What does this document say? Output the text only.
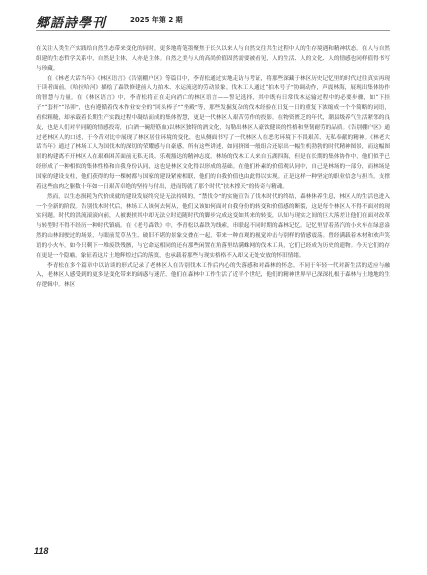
郷語詩學刊	2025 年第 2 期

在关注人类生产实践给自然生态带来变化的同时，更多地将笔墨聚焦于长久以来人与自然交往共生过程中人的生存境遇和精神状态。在人与自然组建的生态哲学关系中，自然是主体，人亦是主体。自然之美与人的高尚价值固然需要被看见，人的生活、人的文化、人的情感也同样值得书写与珍藏。

在《林老大话当年》《林区语言》《告别棚户区》等篇目中，李青松通过实地走访与考证，将那些深藏于林区历史记忆里的时代过往真实再现于读者面前。《哈拉哈河》描绘了森铁修建前人力拍木、水运流送的劳动景象。伐木工人通过“拍木号子”协调动作，声震林海，展现出集体协作的智慧与力量。在《林区语言》中，李青松将正在走向消亡的林区语言——誓记选择，其中既有日常伐木运输过程中的必要步骤，如“下挂子”“套杆”“吊卯”，也有遵循着伐木作业安全的“回头棒子”“坐殿”等，那些发掘复杂的伐木经验在日复一日的重复下浓缩成一个个简略的词语，看似粗糙，却承载着长期生产实践过程中凝结而成的集体智慧，更是一代林区人艰苦劳作的投影。在物资匮乏的年代，潮县级养气生活紧邻的良友，也是人们对平同随的情感投寄，(白酒一碗舒筋血)以林区独特的酒文化，勾勒出林区人豪饮健谈的性格和坚韧耐劳的品质。《告别棚户区》通过老林区人的口述，于今昔对比中展现了林区居住环境的变化，也从侧面书写了一代林区人在恶劣环境下不畏艰苦、无私奉献的精神。《林老大话当年》通过了林场工人为国伐木的深切的荣耀感与自豪感。所有这些讲述，如同挤图一般组合还原出一幅生机勃勃的时代精神图景，而这幅图景的构建离不开林区人在艰难困苦面前无私无畏、乐观豁达的精神志度。林场的伐木工人来自五湖四海，但是在长期的集体协作中，他们似乎已经形成了一种相似的集体性格和自我身份认同，这也是林区文化得以形成的基础。在他们朴素的价值观认同中，自己是林场的一部分，而林场是国家的建设支柱，他们获得的每一棵树都与国家的建设紧密相联，他们的自我价值也由此得以实现。正是这样一种坚定的职业信念与担当，支撑着这些血肉之躯数十年如一日艰苦卓绝的坚持与付出，进而铸就了那个时代“扶木撑天”的传奇与精魂。

然而，以生态损耗为代价成就的建设发展终究是无法持续的，“禁伐令”的实施宣告了伐木时代的终结，森林休养生息，林区人的生活也进入一个全新的阶段。告别伐木时代后，林场工人该何去何从，他们又该如何面对自我身份的转变和价值感的断裂，这是每个林区人不得不面对的现实问题。时代的洪流滚滚向前，人被裹挟其中却无法立时追随时代的脚步完成这变如其来的转变，认知与现实之间的巨大落差让他们在面对改革与转型时不得不经历一种时代镇痛。在《老号森铁》中，李青松以森铁为线索，串联起不同时期的森林记忆。记忆里冒着蒸汽的小火车在绿意盎然的山林间驶过的场景，与眼前荒草丛生、破旧不堪的景象交叠在一起，带来一种直观的视觉冲击与别样的情感震荡。曾经满载着木材和欢声笑语的小火车，如今只剩下一堆废铁残骸，与它命运相同的还有那些闲置在角落里结满蛛网的伐木工具，它们已经成为历史的遗物。今天它们的存在更是一个隐喻，象征着这片土地辉煌过后的落寞，也承载着那些与现实格格不入却又无处安放的怀旧情绪。

李青松在多个篇章中以访谈的形式记录了老林区人在告别伐木工作后内心的失落感和对森林的怀念。不同于年轻一代对新生活的适应与融入，老林区人感受到的更多是变化带来的阔惑与迷茫。他们在森林中工作生活了近半个世纪，他们的精神世界早已深深扎根于森林与土地地的生存逻辑中。林区

118
